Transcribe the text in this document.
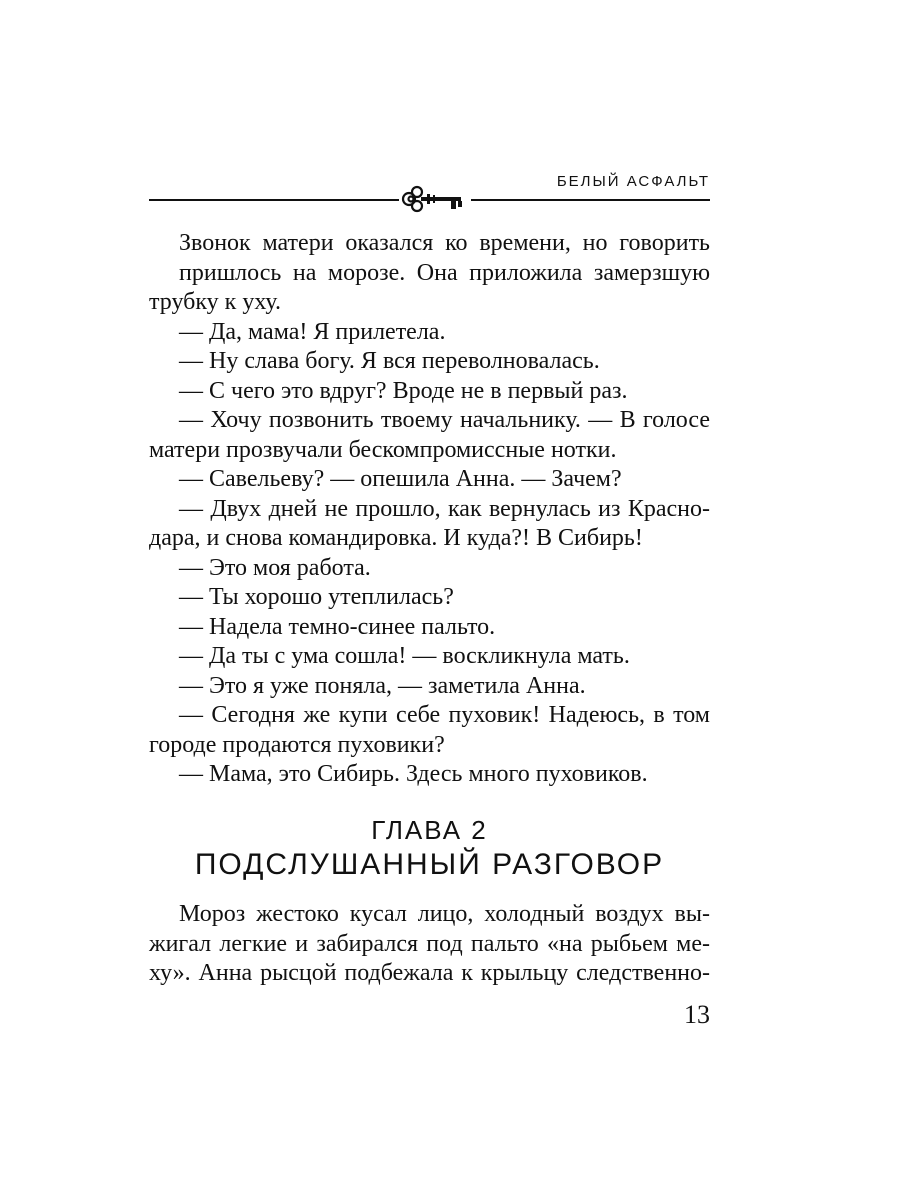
БЕЛЫЙ АСФАЛЬТ

Звонок матери оказался ко времени, но говорить
пришлось на морозе. Она приложила замерзшую
трубку к уху.

— Да, мама! Я прилетела.

— Ну слава богу. Я вся переволновалась.

— С чего это вдруг? Вроде не в первый раз.

— Хочу позвонить твоему начальнику. — В голосе
матери прозвучали бескомпромиссные нотки.

— Савельеву? — опешила Анна. — Зачем?

— Двух дней не прошло, как вернулась из Красно-
дара, и снова командировка. И куда?! В Сибирь!

— Это моя работа.

— Ты хорошо утеплилась?

— Надела темно-синее пальто.

— Да ты с ума сошла! — воскликнула мать.

— Это я уже поняла, — заметила Анна.

— Сегодня же купи себе пуховик! Надеюсь, в том
городе продаются пуховики?

— Мама, это Сибирь. Здесь много пуховиков.

ГЛАВА 2
ПОДСЛУШАННЫЙ РАЗГОВОР

Мороз жестоко кусал лицо, холодный воздух вы-
жигал легкие и забирался под пальто «на рыбьем ме-
ху». Анна рысцой подбежала к крыльцу следственно-

13
